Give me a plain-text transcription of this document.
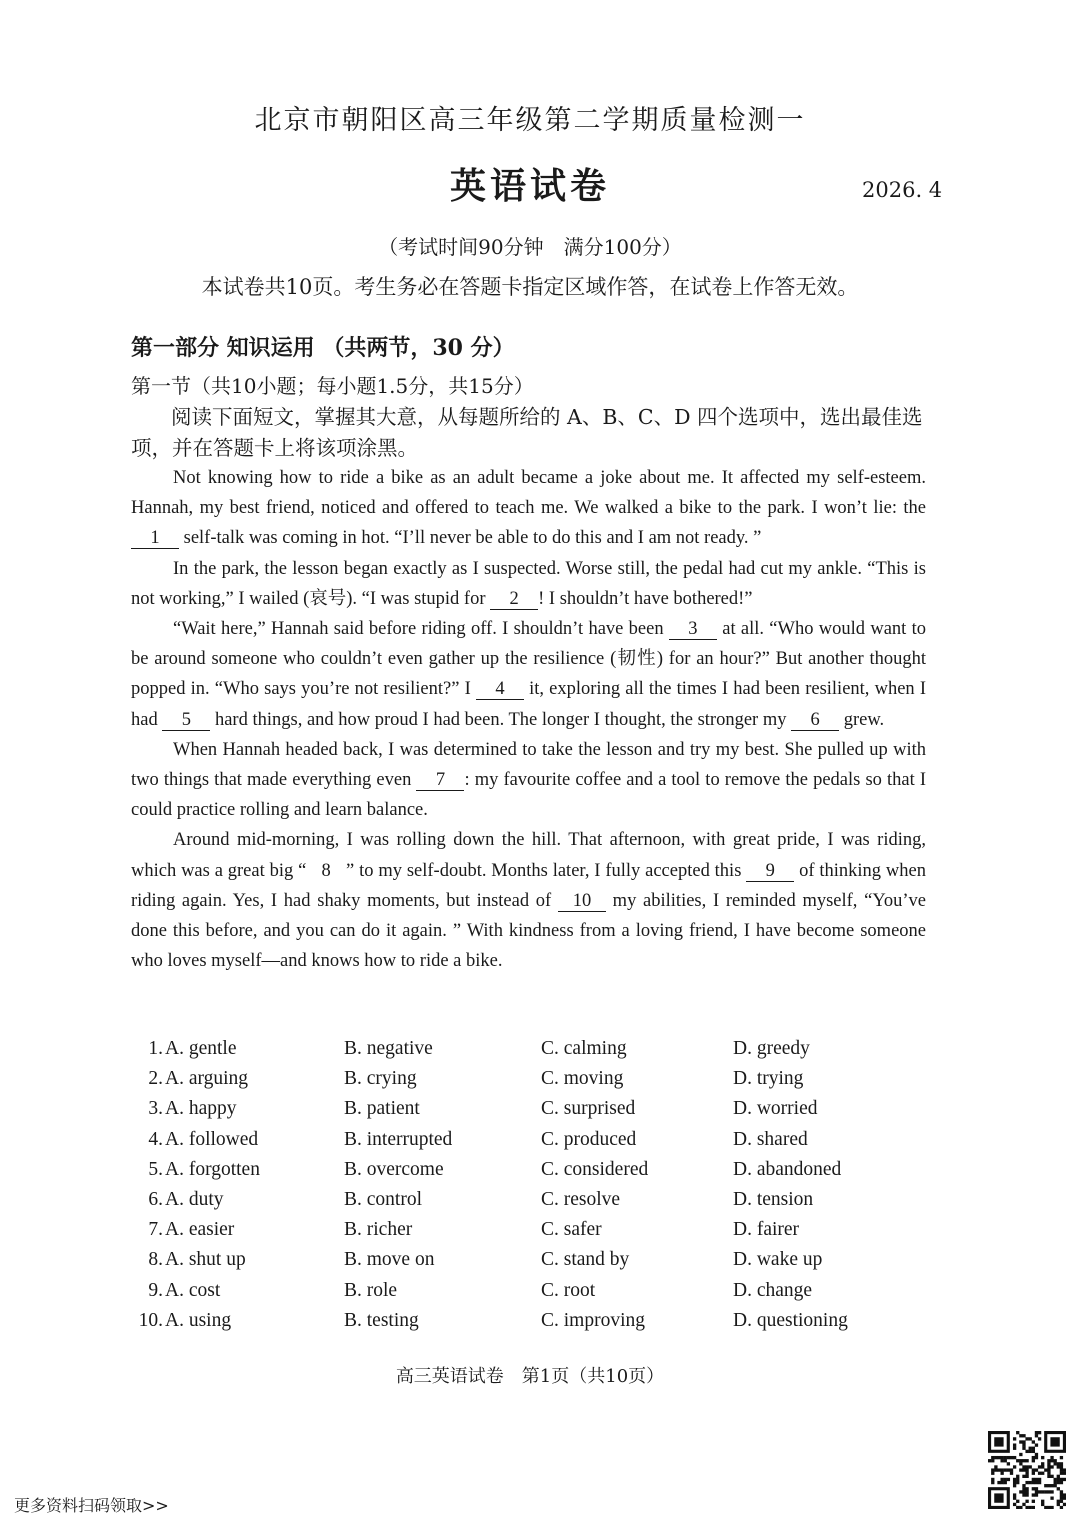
北京市朝阳区高三年级第二学期质量检测一
英语试卷	2026. 4
（考试时间90分钟　满分100分）
本试卷共10页。考生务必在答题卡指定区域作答，在试卷上作答无效。
第一部分 知识运用 （共两节，30 分）
第一节（共10小题；每小题1.5分，共15分）
阅读下面短文，掌握其大意，从每题所给的 A、B、C、D 四个选项中，选出最佳选项，并在答题卡上将该项涂黑。

Not knowing how to ride a bike as an adult became a joke about me. It affected my self-esteem. Hannah, my best friend, noticed and offered to teach me. We walked a bike to the park. I won’t lie: the 1 self-talk was coming in hot. “I’ll never be able to do this and I am not ready. ”

In the park, the lesson began exactly as I suspected. Worse still, the pedal had cut my ankle. “This is not working,” I wailed (哀号). “I was stupid for 2 ! I shouldn’t have bothered!”

“Wait here,” Hannah said before riding off. I shouldn’t have been 3 at all. “Who would want to be around someone who couldn’t even gather up the resilience (韧性) for an hour?” But another thought popped in. “Who says you’re not resilient?” I 4 it, exploring all the times I had been resilient, when I had 5 hard things, and how proud I had been. The longer I thought, the stronger my 6 grew.

When Hannah headed back, I was determined to take the lesson and try my best. She pulled up with two things that made everything even 7 : my favourite coffee and a tool to remove the pedals so that I could practice rolling and learn balance.

Around mid-morning, I was rolling down the hill. That afternoon, with great pride, I was riding, which was a great big “ 8 ” to my self-doubt. Months later, I fully accepted this 9 of thinking when riding again. Yes, I had shaky moments, but instead of 10 my abilities, I reminded myself, “You’ve done this before, and you can do it again. ” With kindness from a loving friend, I have become someone who loves myself—and knows how to ride a bike.

1. A. gentle	B. negative	C. calming	D. greedy
2. A. arguing	B. crying	C. moving	D. trying
3. A. happy	B. patient	C. surprised	D. worried
4. A. followed	B. interrupted	C. produced	D. shared
5. A. forgotten	B. overcome	C. considered	D. abandoned
6. A. duty	B. control	C. resolve	D. tension
7. A. easier	B. richer	C. safer	D. fairer
8. A. shut up	B. move on	C. stand by	D. wake up
9. A. cost	B. role	C. root	D. change
10. A. using	B. testing	C. improving	D. questioning
高三英语试卷　第1页（共10页）
更多资料扫码领取>>
